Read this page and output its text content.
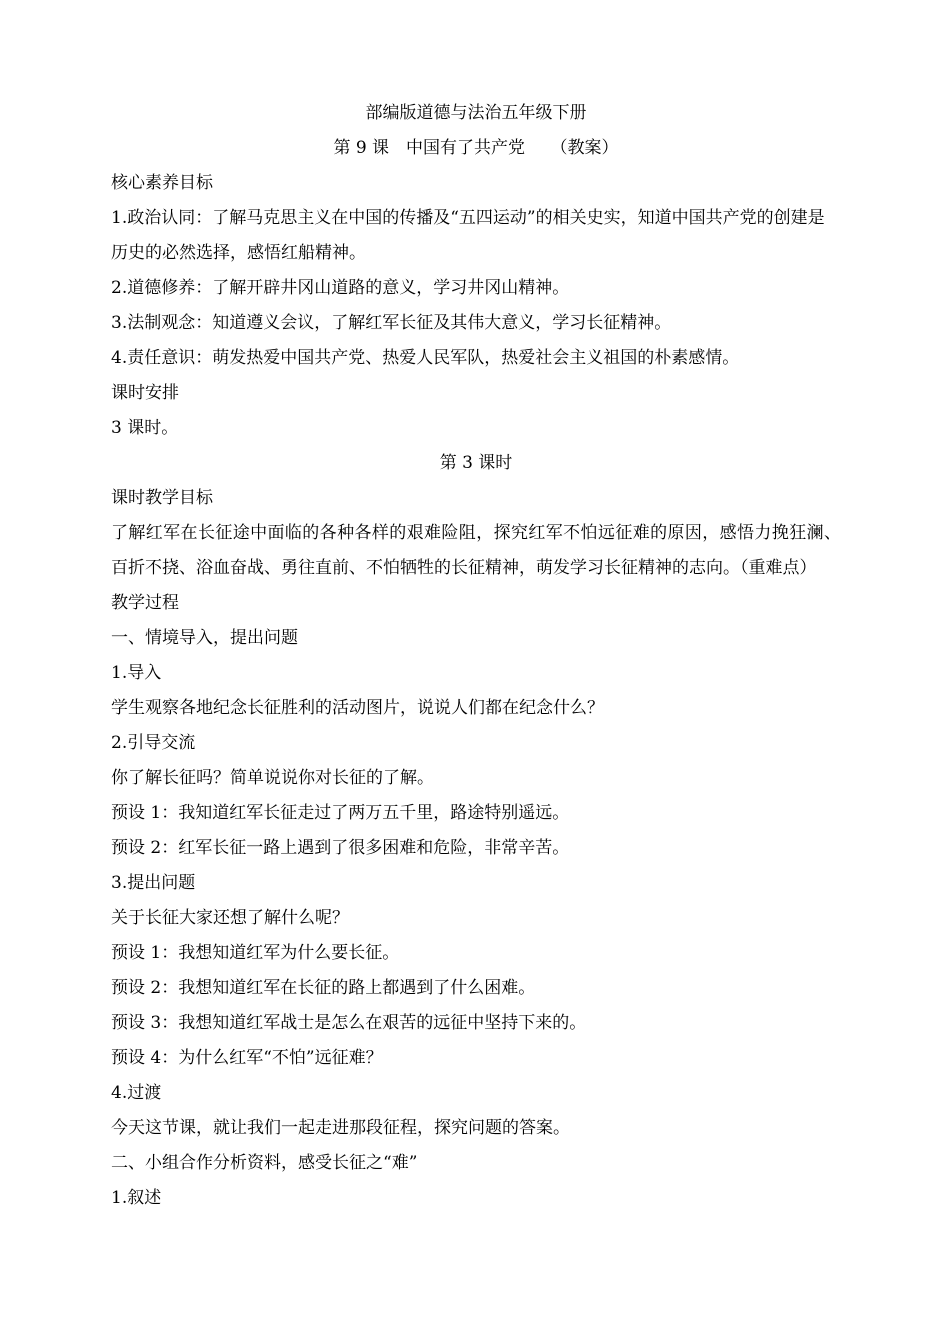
部编版道德与法治五年级下册
第 9 课　中国有了共产党　　（教案）
核心素养目标
1.政治认同：了解马克思主义在中国的传播及“五四运动”的相关史实，知道中国共产党的创建是历史的必然选择，感悟红船精神。
2.道德修养：了解开辟井冈山道路的意义，学习井冈山精神。
3.法制观念：知道遵义会议，了解红军长征及其伟大意义，学习长征精神。
4.责任意识：萌发热爱中国共产党、热爱人民军队，热爱社会主义祖国的朴素感情。
课时安排
3 课时。
第 3 课时
课时教学目标
了解红军在长征途中面临的各种各样的艰难险阻，探究红军不怕远征难的原因，感悟力挽狂澜、百折不挠、浴血奋战、勇往直前、不怕牺牲的长征精神，萌发学习长征精神的志向。（重难点）
教学过程
一、情境导入，提出问题
1.导入
学生观察各地纪念长征胜利的活动图片，说说人们都在纪念什么？
2.引导交流
你了解长征吗？简单说说你对长征的了解。
预设 1：我知道红军长征走过了两万五千里，路途特别遥远。
预设 2：红军长征一路上遇到了很多困难和危险，非常辛苦。
3.提出问题
关于长征大家还想了解什么呢？
预设 1：我想知道红军为什么要长征。
预设 2：我想知道红军在长征的路上都遇到了什么困难。
预设 3：我想知道红军战士是怎么在艰苦的远征中坚持下来的。
预设 4：为什么红军“不怕”远征难？
4.过渡
今天这节课，就让我们一起走进那段征程，探究问题的答案。
二、小组合作分析资料，感受长征之“难”
1.叙述
